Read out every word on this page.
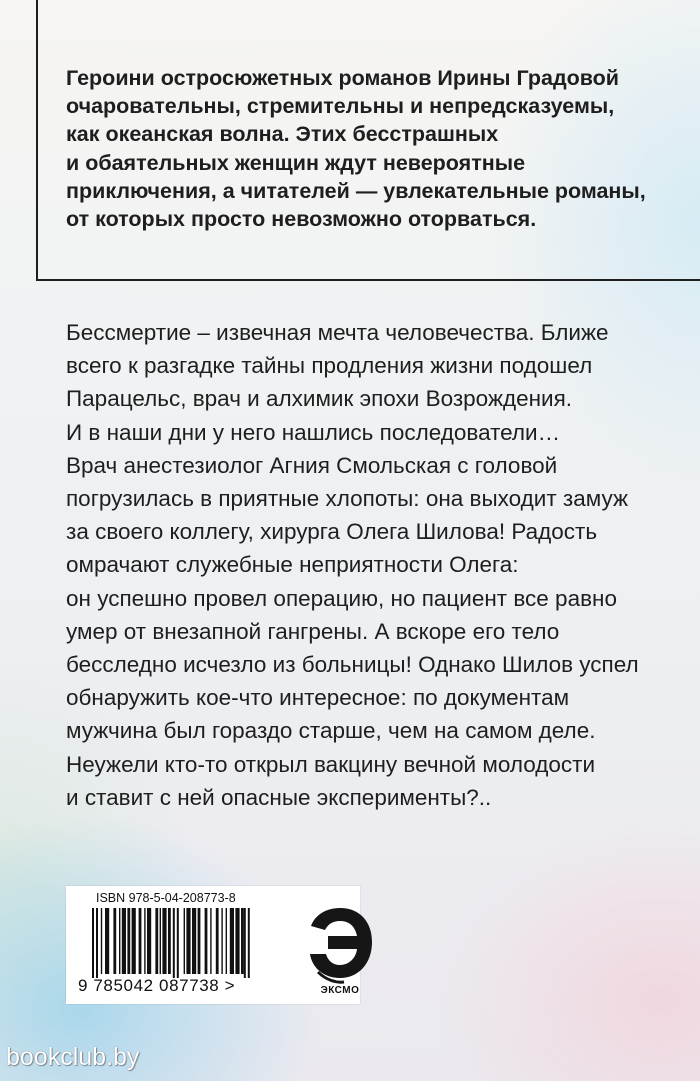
Героини остросюжетных романов Ирины Градовой
очаровательны, стремительны и непредсказуемы,
как океанская волна. Этих бесстрашных
и обаятельных женщин ждут невероятные
приключения, а читателей — увлекательные романы,
от которых просто невозможно оторваться.

Бессмертие – извечная мечта человечества. Ближе
всего к разгадке тайны продления жизни подошел
Парацельс, врач и алхимик эпохи Возрождения.
И в наши дни у него нашлись последователи…
Врач анестезиолог Агния Смольская с головой
погрузилась в приятные хлопоты: она выходит замуж
за своего коллегу, хирурга Олега Шилова! Радость
омрачают служебные неприятности Олега:
он успешно провел операцию, но пациент все равно
умер от внезапной гангрены. А вскоре его тело
бесследно исчезло из больницы! Однако Шилов успел
обнаружить кое-что интересное: по документам
мужчина был гораздо старше, чем на самом деле.
Неужели кто-то открыл вакцину вечной молодости
и ставит с ней опасные эксперименты?..

ISBN 978-5-04-208773-8
9 785042 087738 >	ЭКСМО
bookclub.by
